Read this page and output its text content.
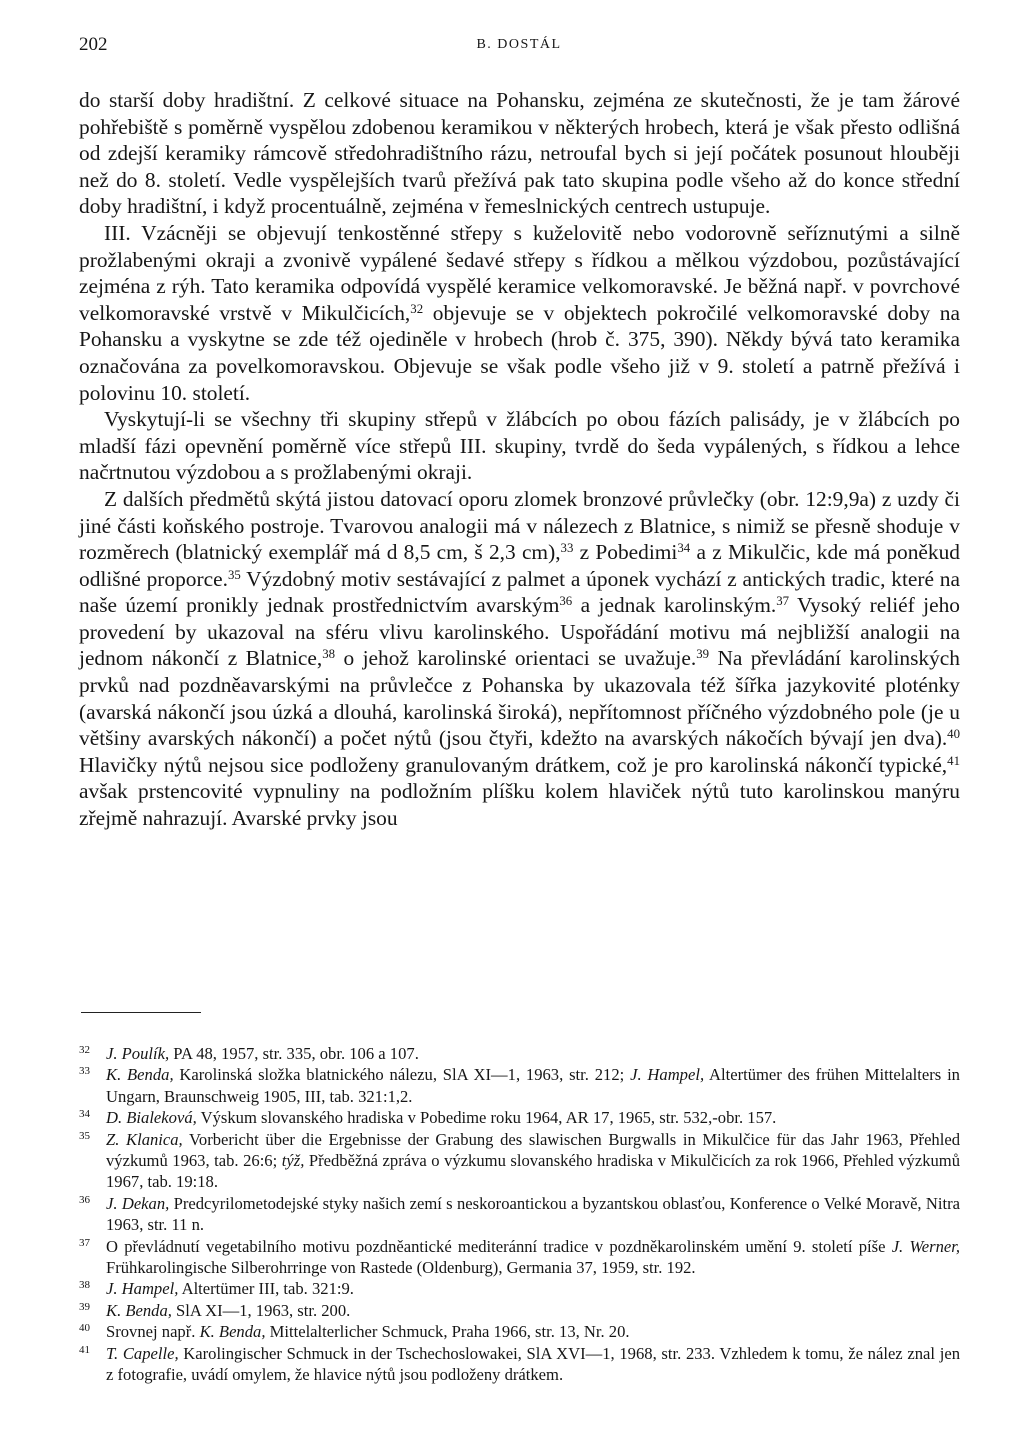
202	B. DOSTÁL

do starší doby hradištní. Z celkové situace na Pohansku, zejména ze skutečnosti, že je tam žárové pohřebiště s poměrně vyspělou zdobenou keramikou v některých hrobech, která je však přesto odlišná od zdejší keramiky rámcově středohradištního rázu, netroufal bych si její počátek posunout hlouběji než do 8. století. Vedle vyspělejších tvarů přežívá pak tato skupina podle všeho až do konce střední doby hradištní, i když procentuálně, zejména v řemeslnických centrech ustupuje.

III. Vzácněji se objevují tenkostěnné střepy s kuželovitě nebo vodorovně seříznutými a silně prožlabenými okraji a zvonivě vypálené šedavé střepy s řídkou a mělkou výzdobou, pozůstávající zejména z rýh. Tato keramika odpovídá vyspělé keramice velkomoravské. Je běžná např. v povrchové velkomoravské vrstvě v Mikulčicích,$^{32}$ objevuje se v objektech pokročilé velkomoravské doby na Pohansku a vyskytne se zde též ojediněle v hrobech (hrob č. 375, 390). Někdy bývá tato keramika označována za povelkomoravskou. Objevuje se však podle všeho již v 9. století a patrně přežívá i polovinu 10. století.

Vyskytují-li se všechny tři skupiny střepů v žlábcích po obou fázích palisády, je v žlábcích po mladší fázi opevnění poměrně více střepů III. skupiny, tvrdě do šeda vypálených, s řídkou a lehce načrtnutou výzdobou a s prožlabenými okraji.

Z dalších předmětů skýtá jistou datovací oporu zlomek bronzové průvlečky (obr. 12:9,9a) z uzdy či jiné části koňského postroje. Tvarovou analogii má v nálezech z Blatnice, s nimiž se přesně shoduje v rozměrech (blatnický exemplář má d 8,5 cm, š 2,3 cm),$^{33}$ z Pobedimi$^{34}$ a z Mikulčic, kde má poněkud odlišné proporce.$^{35}$ Výzdobný motiv sestávající z palmet a úponek vychází z antických tradic, které na naše území pronikly jednak prostřednictvím avarským$^{36}$ a jednak karolinským.$^{37}$ Vysoký reliéf jeho provedení by ukazoval na sféru vlivu karolinského. Uspořádání motivu má nejbližší analogii na jednom nákončí z Blatnice,$^{38}$ o jehož karolinské orientaci se uvažuje.$^{39}$ Na převládání karolinských prvků nad pozdněavarskými na průvlečce z Pohanska by ukazovala též šířka jazykovité ploténky (avarská nákončí jsou úzká a dlouhá, karolinská široká), nepřítomnost příčného výzdobného pole (je u většiny avarských nákončí) a počet nýtů (jsou čtyři, kdežto na avarských nákočích bývají jen dva).$^{40}$ Hlavičky nýtů nejsou sice podloženy granulovaným drátkem, což je pro karolinská nákončí typické,$^{41}$ avšak prstencovité vypnuliny na podložním plíšku kolem hlaviček nýtů tuto karolinskou manýru zřejmě nahrazují. Avarské prvky jsou

32 J. Poulík, PA 48, 1957, str. 335, obr. 106 a 107.

33 K. Benda, Karolinská složka blatnického nálezu, SlA XI—1, 1963, str. 212; J. Hampel, Altertümer des frühen Mittelalters in Ungarn, Braunschweig 1905, III, tab. 321:1,2.

34 D. Bialeková, Výskum slovanského hradiska v Pobedime roku 1964, AR 17, 1965, str. 532,-obr. 157.

35 Z. Klanica, Vorbericht über die Ergebnisse der Grabung des slawischen Burgwalls in Mikulčice für das Jahr 1963, Přehled výzkumů 1963, tab. 26:6; týž, Předběžná zpráva o výzkumu slovanského hradiska v Mikulčicích za rok 1966, Přehled výzkumů 1967, tab. 19:18.

36 J. Dekan, Predcyrilometodejské styky našich zemí s neskoroantickou a byzantskou oblasťou, Konference o Velké Moravě, Nitra 1963, str. 11 n.

37 O převládnutí vegetabilního motivu pozdněantické mediteránní tradice v pozdněkarolinském umění 9. století píše J. Werner, Frühkarolingische Silberohrringe von Rastede (Oldenburg), Germania 37, 1959, str. 192.

38 J. Hampel, Altertümer III, tab. 321:9.

39 K. Benda, SlA XI—1, 1963, str. 200.

40 Srovnej např. K. Benda, Mittelalterlicher Schmuck, Praha 1966, str. 13, Nr. 20.

41 T. Capelle, Karolingischer Schmuck in der Tschechoslowakei, SlA XVI—1, 1968, str. 233. Vzhledem k tomu, že nález znal jen z fotografie, uvádí omylem, že hlavice nýtů jsou podloženy drátkem.
